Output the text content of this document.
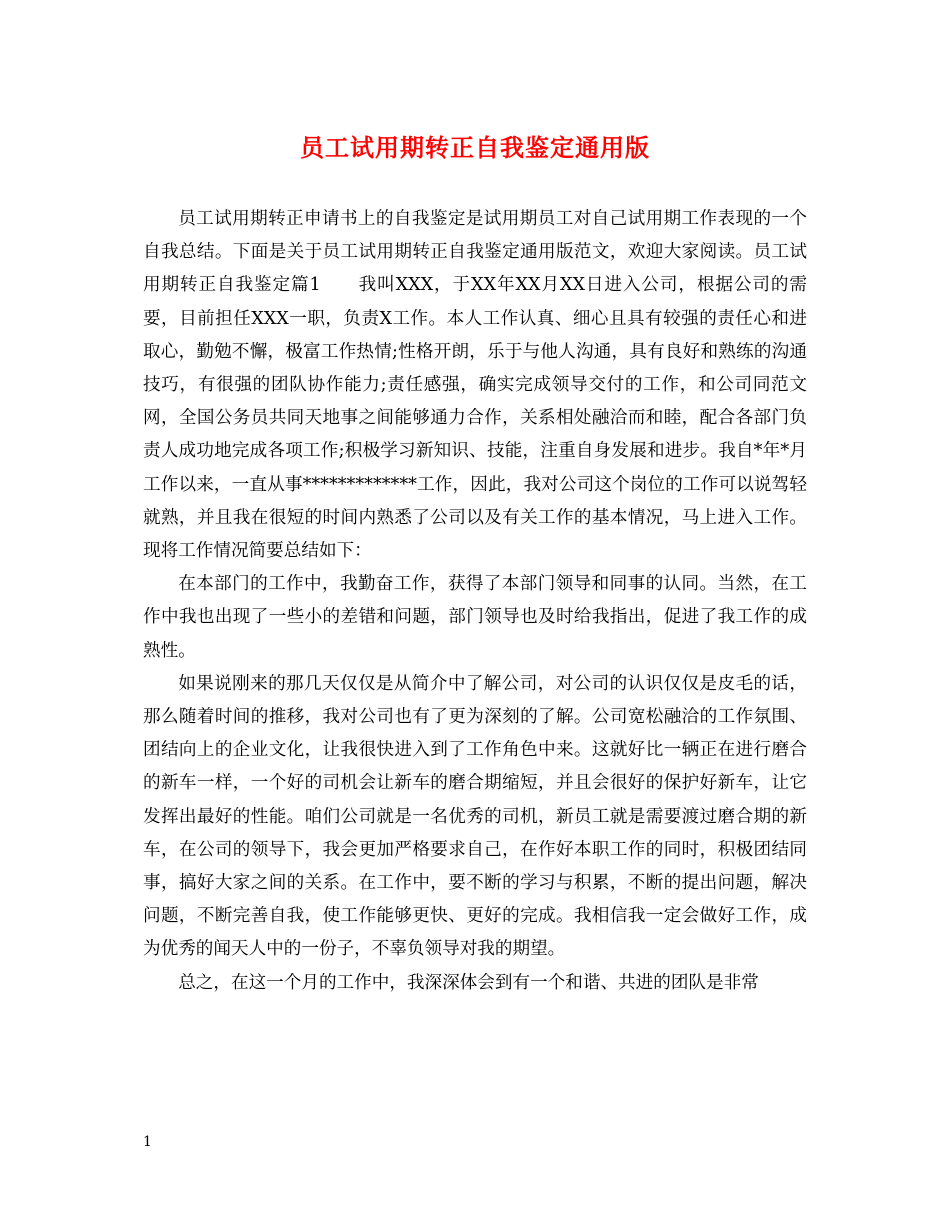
员工试用期转正自我鉴定通用版

员工试用期转正申请书上的自我鉴定是试用期员工对自己试用期工作表现的一个自我总结。下面是关于员工试用期转正自我鉴定通用版范文，欢迎大家阅读。员工试用期转正自我鉴定篇1　　我叫XXX，于XX年XX月XX日进入公司，根据公司的需要，目前担任XXX一职，负责X工作。本人工作认真、细心且具有较强的责任心和进取心，勤勉不懈，极富工作热情;性格开朗，乐于与他人沟通，具有良好和熟练的沟通技巧，有很强的团队协作能力;责任感强，确实完成领导交付的工作，和公司同范文网，全国公务员共同天地事之间能够通力合作，关系相处融洽而和睦，配合各部门负责人成功地完成各项工作;积极学习新知识、技能，注重自身发展和进步。我自*年*月工作以来，一直从事*************工作，因此，我对公司这个岗位的工作可以说驾轻就熟，并且我在很短的时间内熟悉了公司以及有关工作的基本情况，马上进入工作。现将工作情况简要总结如下：

在本部门的工作中，我勤奋工作，获得了本部门领导和同事的认同。当然，在工作中我也出现了一些小的差错和问题，部门领导也及时给我指出，促进了我工作的成熟性。

如果说刚来的那几天仅仅是从简介中了解公司，对公司的认识仅仅是皮毛的话，那么随着时间的推移，我对公司也有了更为深刻的了解。公司宽松融洽的工作氛围、团结向上的企业文化，让我很快进入到了工作角色中来。这就好比一辆正在进行磨合的新车一样，一个好的司机会让新车的磨合期缩短，并且会很好的保护好新车，让它发挥出最好的性能。咱们公司就是一名优秀的司机，新员工就是需要渡过磨合期的新车，在公司的领导下，我会更加严格要求自己，在作好本职工作的同时，积极团结同事，搞好大家之间的关系。在工作中，要不断的学习与积累，不断的提出问题，解决问题，不断完善自我，使工作能够更快、更好的完成。我相信我一定会做好工作，成为优秀的闻天人中的一份子，不辜负领导对我的期望。

总之，在这一个月的工作中，我深深体会到有一个和谐、共进的团队是非常

1
